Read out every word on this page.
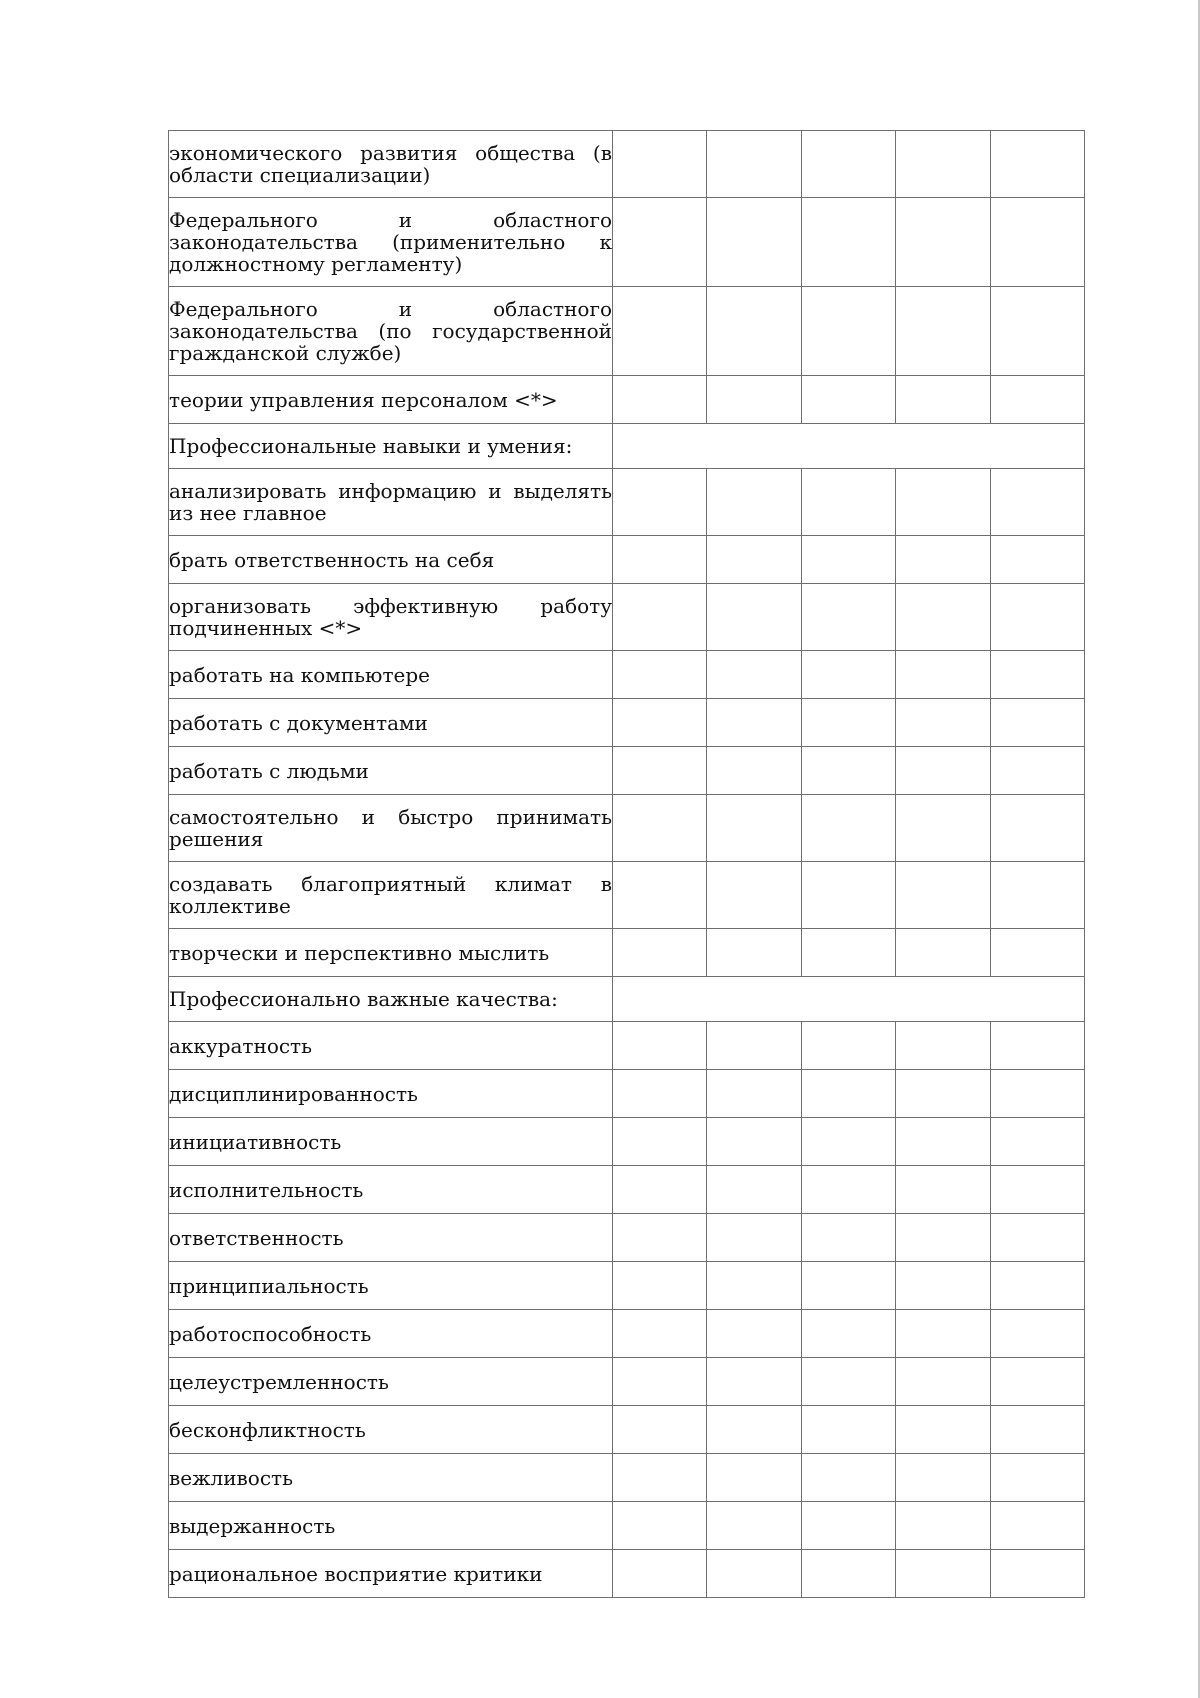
экономического развития общества (в области специализации)					
Федерального и областного законодательства (применительно к должностному регламенту)					
Федерального и областного законодательства (по государственной гражданской службе)					
теории управления персоналом <*>					
Профессиональные навыки и умения:					
анализировать информацию и выделять из нее главное					
брать ответственность на себя					
организовать эффективную работу подчиненных <*>					
работать на компьютере					
работать с документами					
работать с людьми					
самостоятельно и быстро принимать решения					
создавать благоприятный климат в коллективе					
творчески и перспективно мыслить					
Профессионально важные качества:					
аккуратность					
дисциплинированность					
инициативность					
исполнительность					
ответственность					
принципиальность					
работоспособность					
целеустремленность					
бесконфликтность					
вежливость					
выдержанность					
рациональное восприятие критики					
